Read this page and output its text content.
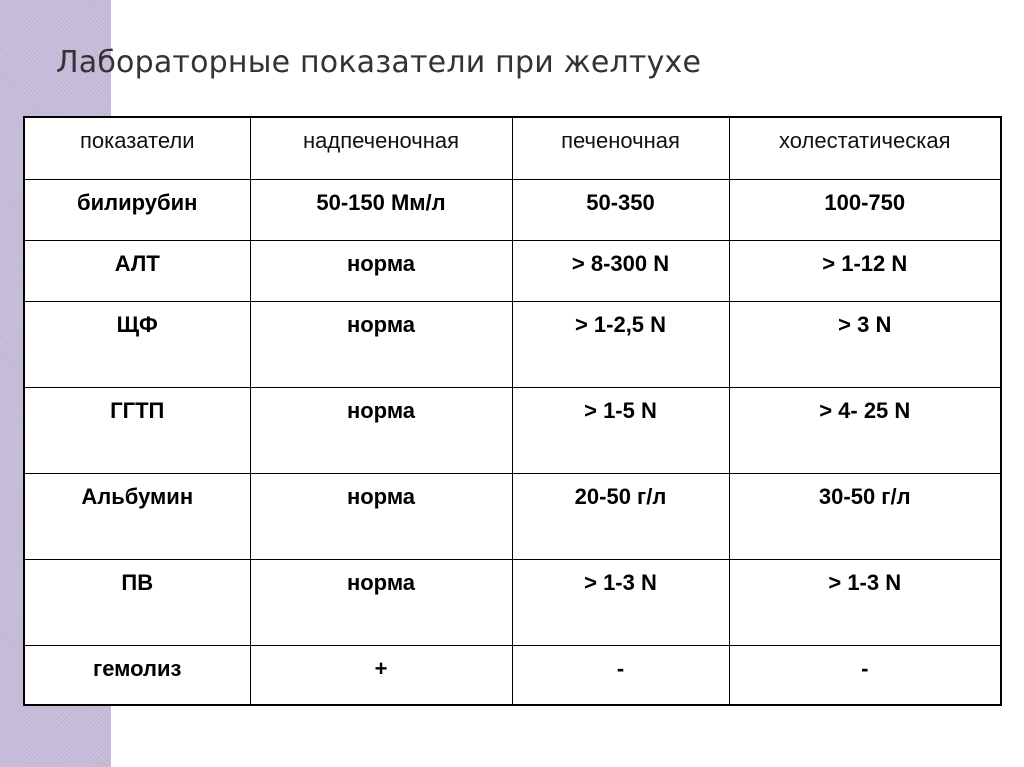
Лабораторные показатели при желтухе
показатели	надпеченочная	печеночная	холестатическая
билирубин	50-150 Мм/л	50-350	100-750
АЛТ	норма	> 8-300 N	> 1-12 N
ЩФ	норма	> 1-2,5 N	> 3 N
ГГТП	норма	> 1-5 N	> 4- 25 N
Альбумин	норма	20-50 г/л	30-50 г/л
ПВ	норма	> 1-3 N	> 1-3 N
гемолиз	+	-	-
